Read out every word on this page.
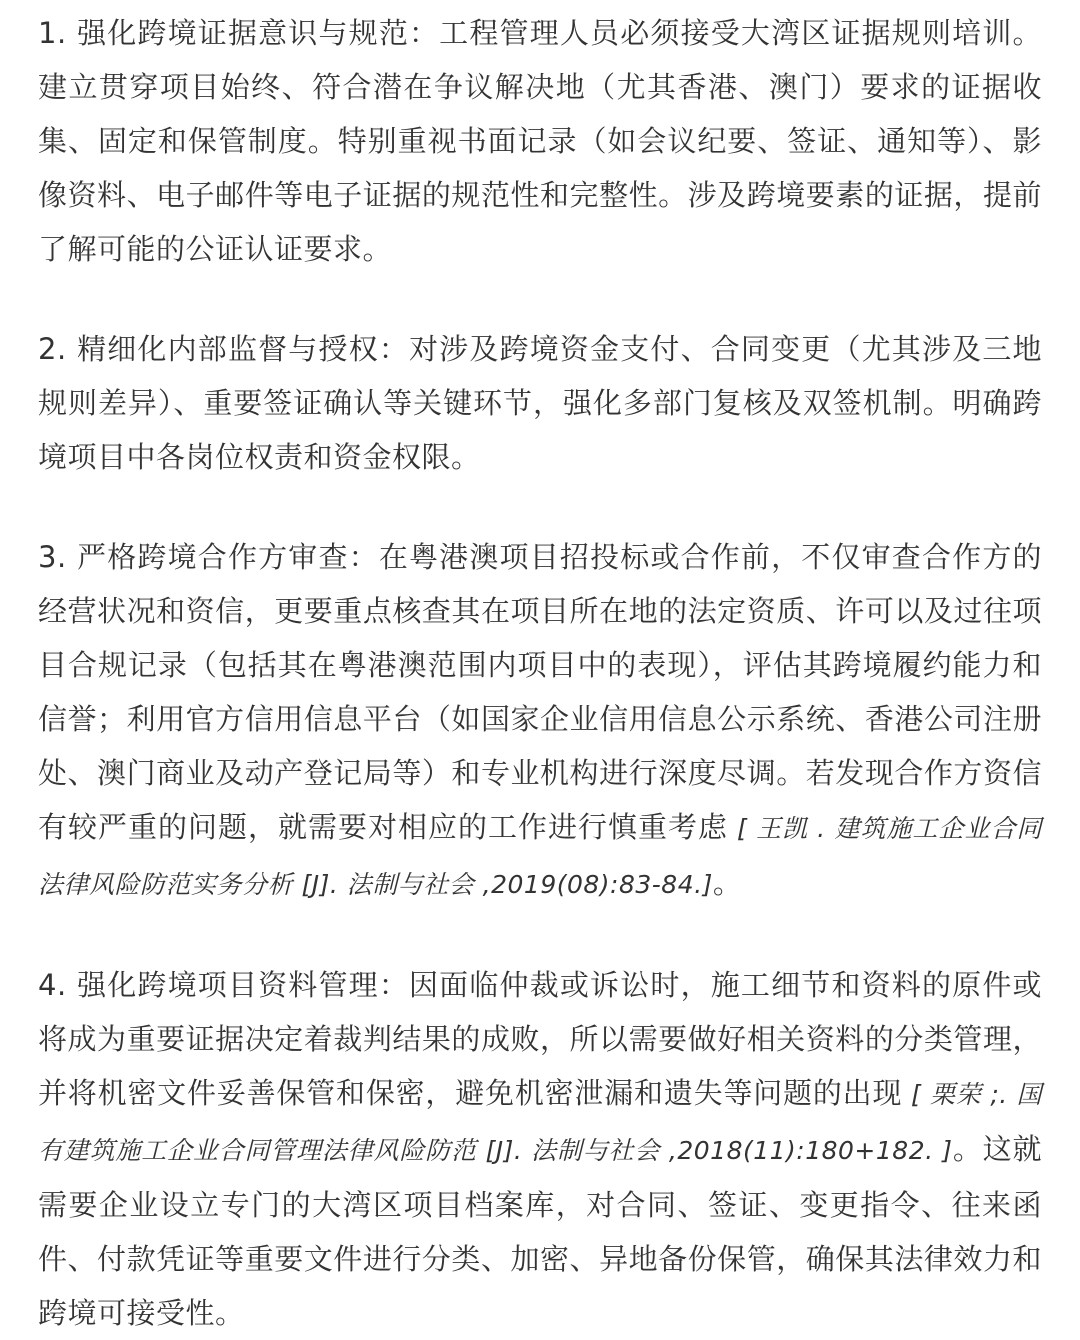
1. 强化跨境证据意识与规范：工程管理人员必须接受大湾区证据规则培训。建立贯穿项目始终、符合潜在争议解决地（尤其香港、澳门）要求的证据收集、固定和保管制度。特别重视书面记录（如会议纪要、签证、通知等）、影像资料、电子邮件等电子证据的规范性和完整性。涉及跨境要素的证据，提前了解可能的公证认证要求。

2. 精细化内部监督与授权：对涉及跨境资金支付、合同变更（尤其涉及三地规则差异）、重要签证确认等关键环节，强化多部门复核及双签机制。明确跨境项目中各岗位权责和资金权限。

3. 严格跨境合作方审查：在粤港澳项目招投标或合作前，不仅审查合作方的经营状况和资信，更要重点核查其在项目所在地的法定资质、许可以及过往项目合规记录（包括其在粤港澳范围内项目中的表现），评估其跨境履约能力和信誉；利用官方信用信息平台（如国家企业信用信息公示系统、香港公司注册处、澳门商业及动产登记局等）和专业机构进行深度尽调。若发现合作方资信有较严重的问题，就需要对相应的工作进行慎重考虑 [ 王凯 . 建筑施工企业合同法律风险防范实务分析 [J]. 法制与社会 ,2019(08):83-84.]。

4. 强化跨境项目资料管理：因面临仲裁或诉讼时，施工细节和资料的原件或将成为重要证据决定着裁判结果的成败，所以需要做好相关资料的分类管理，并将机密文件妥善保管和保密，避免机密泄漏和遗失等问题的出现 [ 栗荣 ;. 国有建筑施工企业合同管理法律风险防范 [J]. 法制与社会 ,2018(11):180+182. ]。这就需要企业设立专门的大湾区项目档案库，对合同、签证、变更指令、往来函件、付款凭证等重要文件进行分类、加密、异地备份保管，确保其法律效力和跨境可接受性。
